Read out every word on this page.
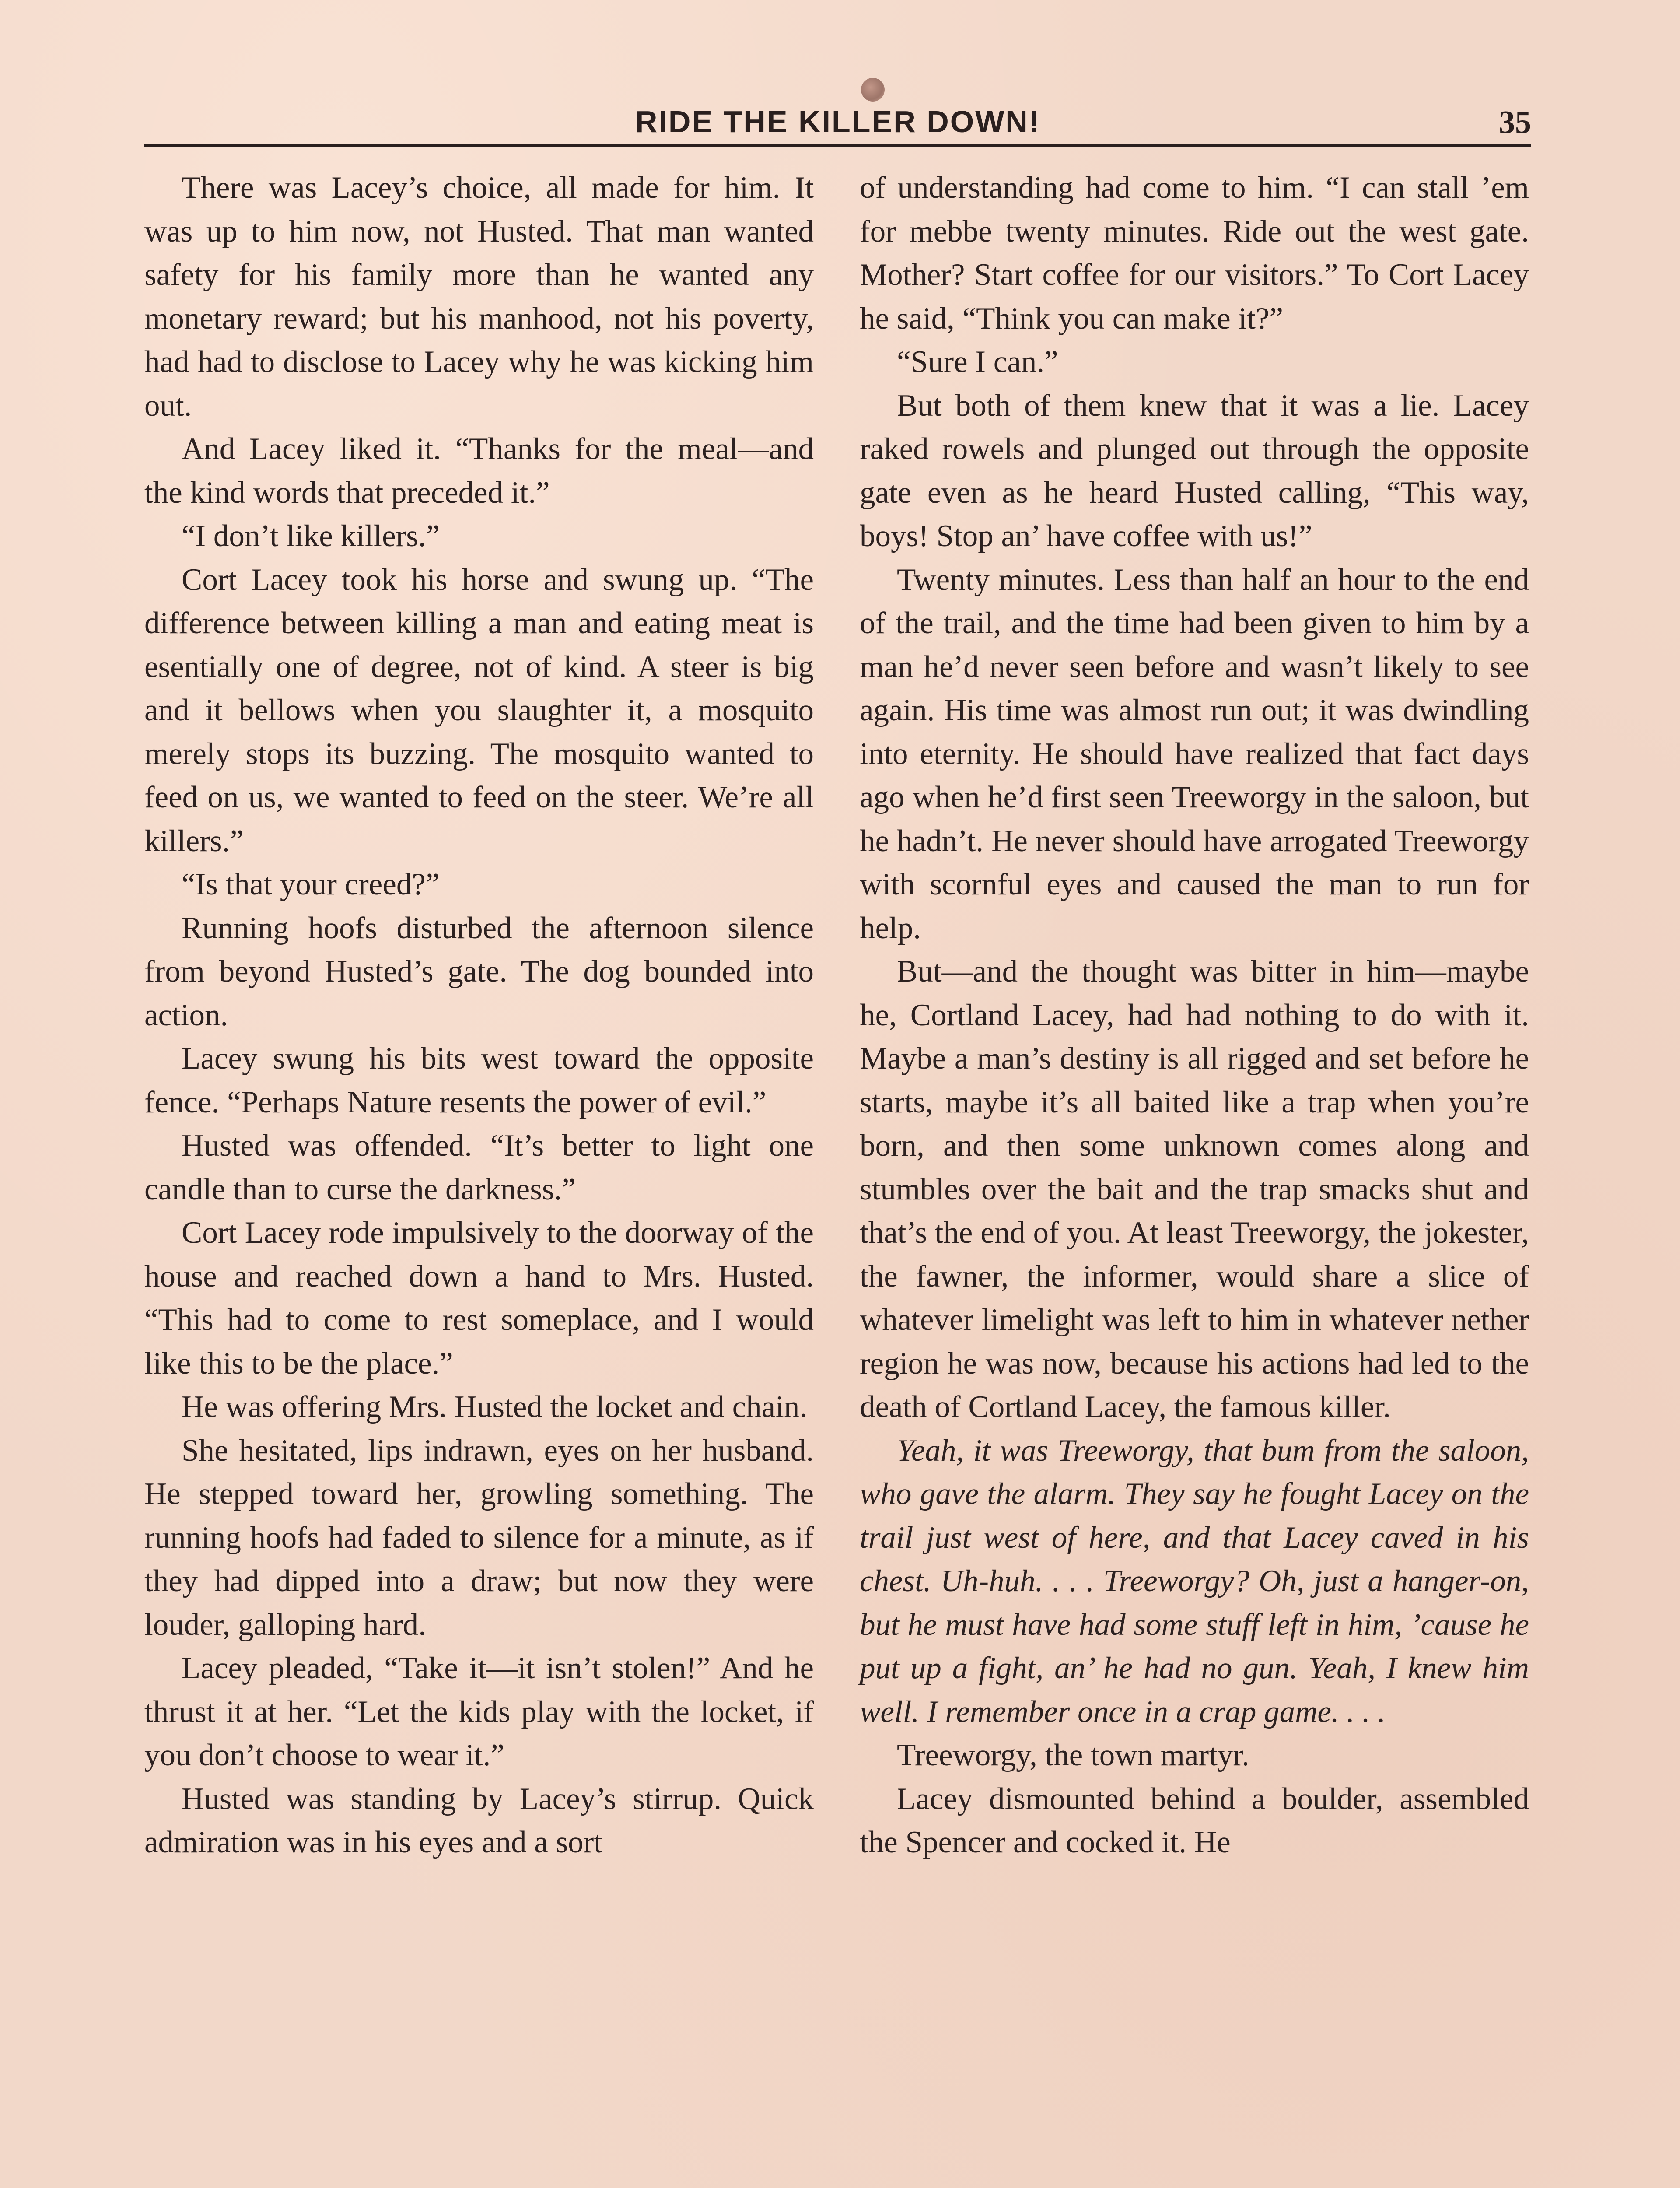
RIDE THE KILLER DOWN!	35

There was Lacey’s choice, all made for him. It was up to him now, not Husted. That man wanted safety for his family more than he wanted any monetary reward; but his manhood, not his poverty, had had to disclose to Lacey why he was kicking him out.

And Lacey liked it. “Thanks for the meal—and the kind words that preceded it.”

“I don’t like killers.”

Cort Lacey took his horse and swung up. “The difference between killing a man and eating meat is esentially one of degree, not of kind. A steer is big and it bellows when you slaughter it, a mosquito merely stops its buzzing. The mosquito wanted to feed on us, we wanted to feed on the steer. We’re all killers.”

“Is that your creed?”

Running hoofs disturbed the afternoon silence from beyond Husted’s gate. The dog bounded into action.

Lacey swung his bits west toward the opposite fence. “Perhaps Nature resents the power of evil.”

Husted was offended. “It’s better to light one candle than to curse the darkness.”

Cort Lacey rode impulsively to the doorway of the house and reached down a hand to Mrs. Husted. “This had to come to rest someplace, and I would like this to be the place.”

He was offering Mrs. Husted the locket and chain.

She hesitated, lips indrawn, eyes on her husband. He stepped toward her, growling something. The running hoofs had faded to silence for a minute, as if they had dipped into a draw; but now they were louder, galloping hard.

Lacey pleaded, “Take it—it isn’t stolen!” And he thrust it at her. “Let the kids play with the locket, if you don’t choose to wear it.”

Husted was standing by Lacey’s stirrup. Quick admiration was in his eyes and a sort

of understanding had come to him. “I can stall ’em for mebbe twenty minutes. Ride out the west gate. Mother? Start coffee for our visitors.” To Cort Lacey he said, “Think you can make it?”

“Sure I can.”

But both of them knew that it was a lie. Lacey raked rowels and plunged out through the opposite gate even as he heard Husted calling, “This way, boys! Stop an’ have coffee with us!”

Twenty minutes. Less than half an hour to the end of the trail, and the time had been given to him by a man he’d never seen before and wasn’t likely to see again. His time was almost run out; it was dwindling into eternity. He should have realized that fact days ago when he’d first seen Treeworgy in the saloon, but he hadn’t. He never should have arrogated Treeworgy with scornful eyes and caused the man to run for help.

But—and the thought was bitter in him—maybe he, Cortland Lacey, had had nothing to do with it. Maybe a man’s destiny is all rigged and set before he starts, maybe it’s all baited like a trap when you’re born, and then some unknown comes along and stumbles over the bait and the trap smacks shut and that’s the end of you. At least Treeworgy, the jokester, the fawner, the informer, would share a slice of whatever limelight was left to him in whatever nether region he was now, because his actions had led to the death of Cortland Lacey, the famous killer.

Yeah, it was Treeworgy, that bum from the saloon, who gave the alarm. They say he fought Lacey on the trail just west of here, and that Lacey caved in his chest. Uh-huh. . . . Treeworgy? Oh, just a hanger-on, but he must have had some stuff left in him, ’cause he put up a fight, an’ he had no gun. Yeah, I knew him well. I remember once in a crap game. . . .

Treeworgy, the town martyr.

Lacey dismounted behind a boulder, assembled the Spencer and cocked it. He
